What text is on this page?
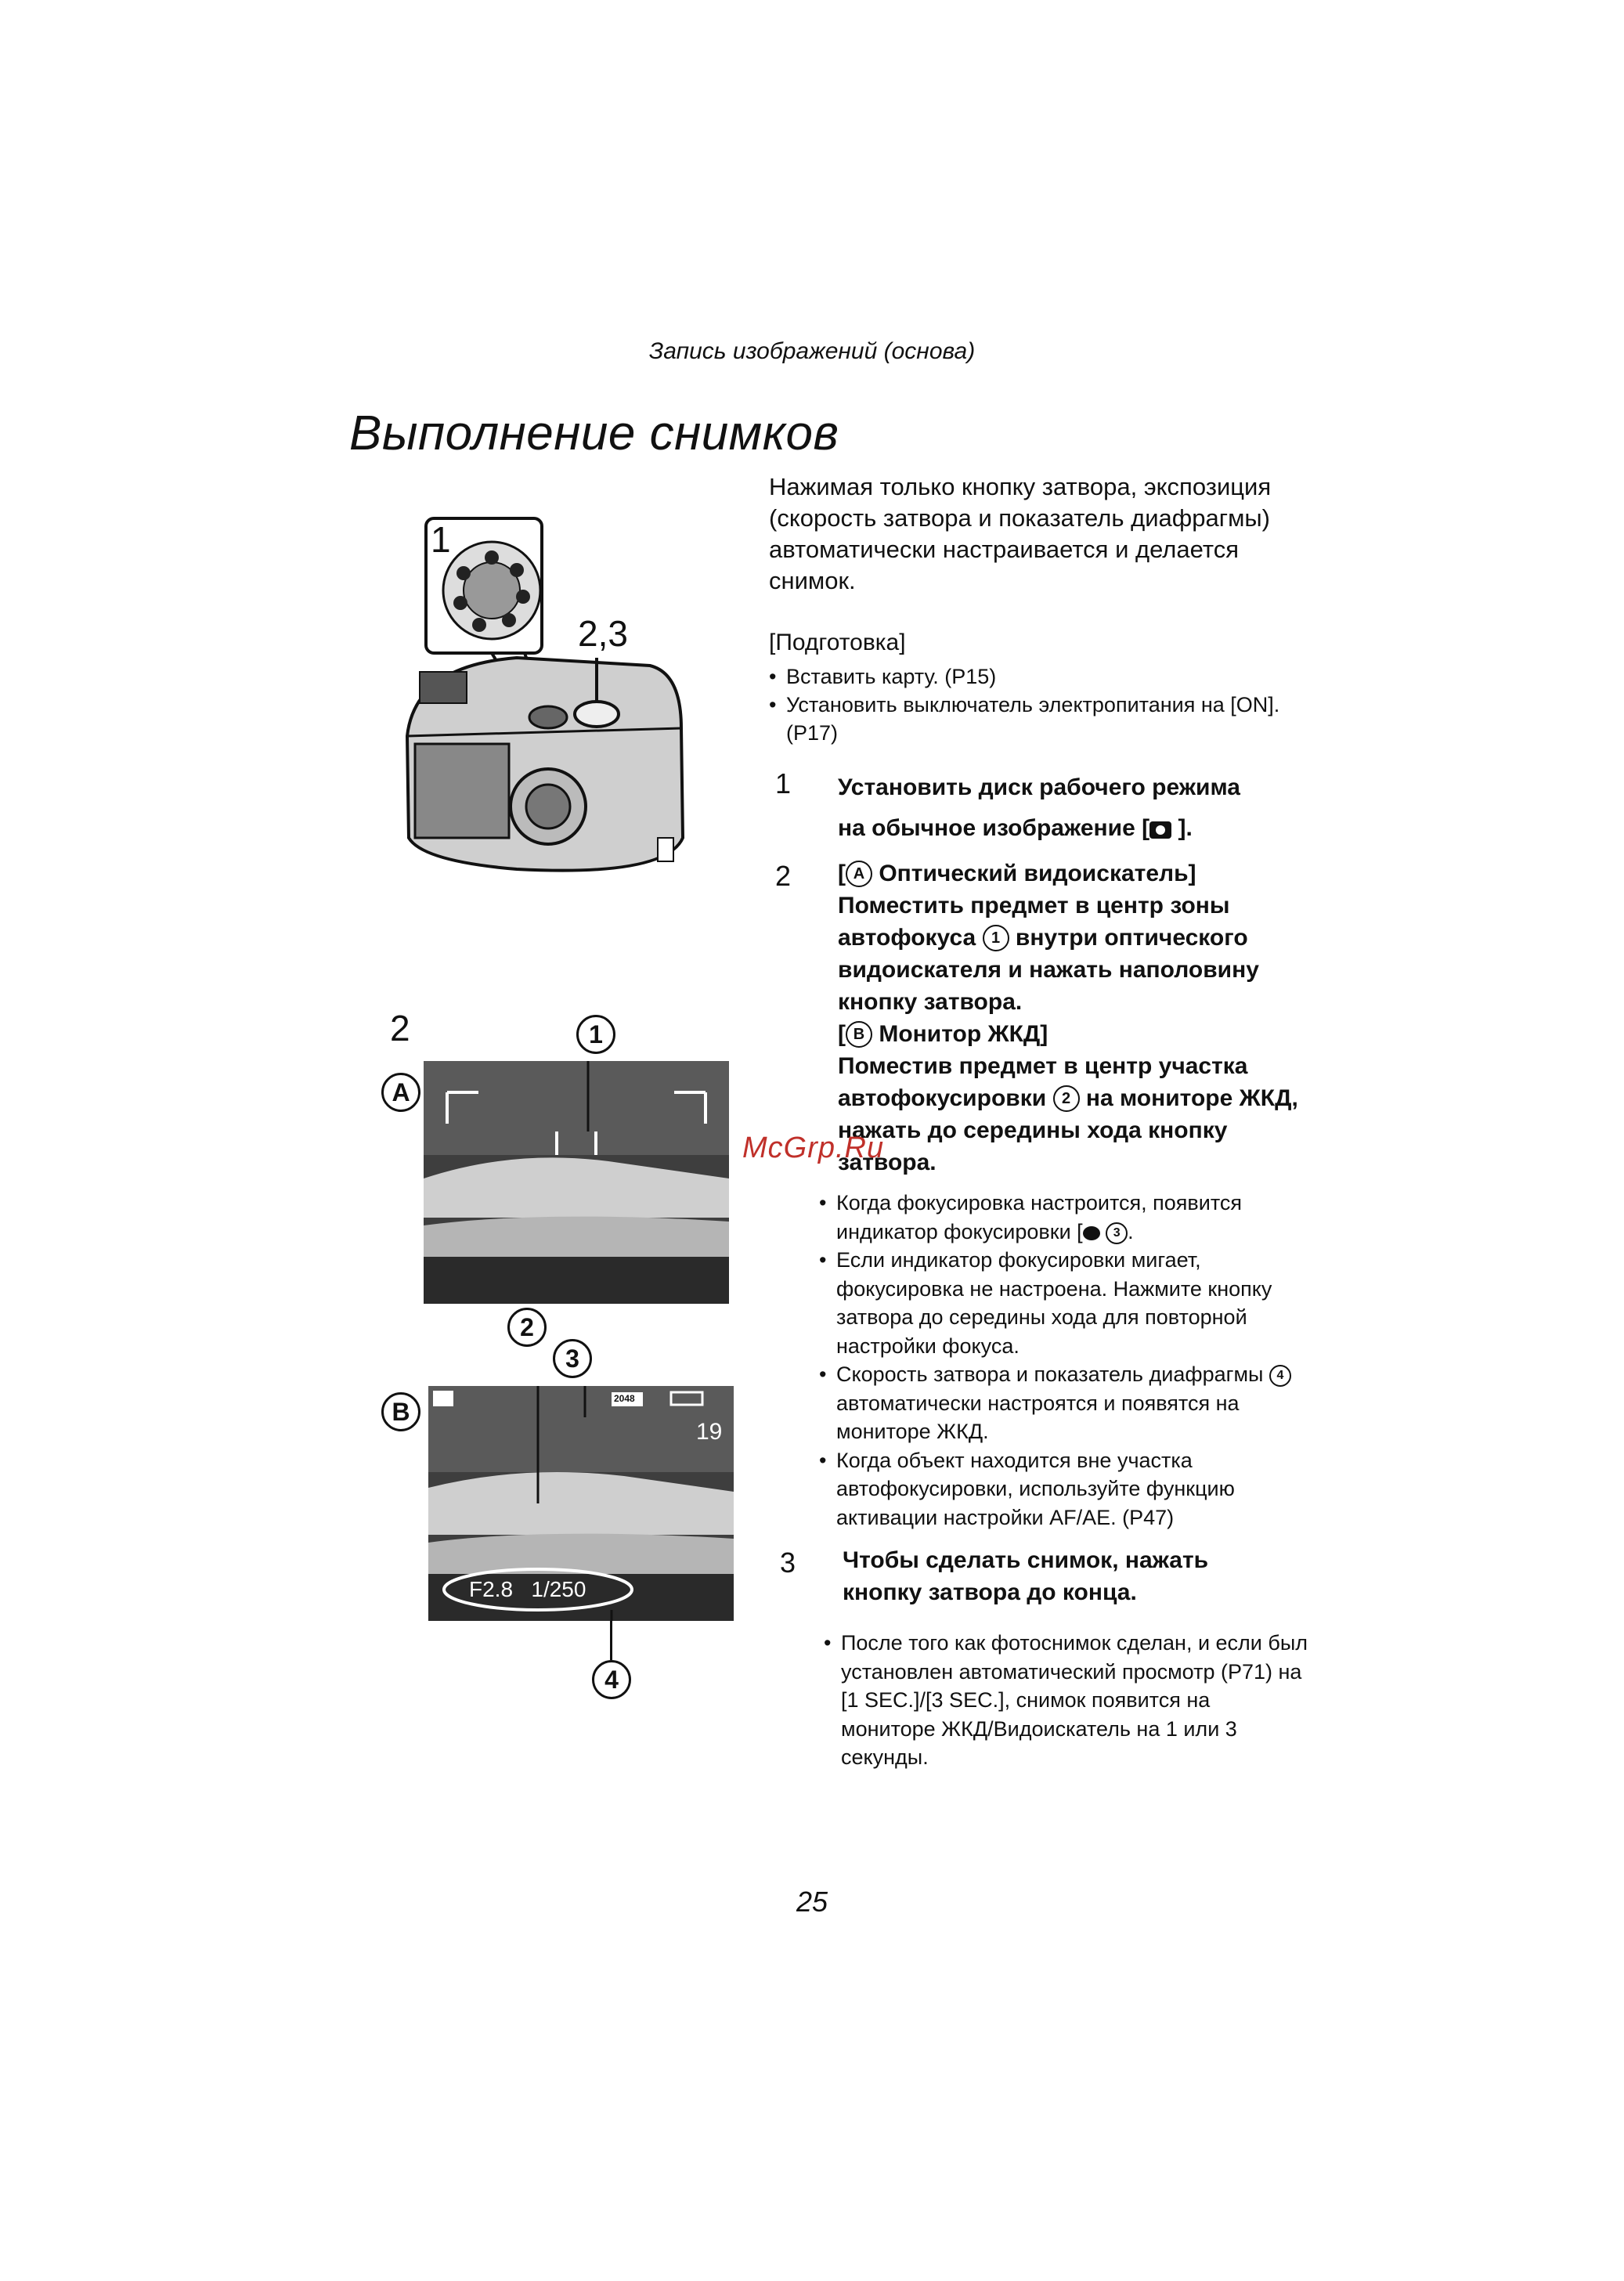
Запись изображений (основа)
Выполнение снимков
Нажимая только кнопку затвора, экспозиция (скорость затвора и показатель диафрагмы) автоматически настраивается и делается снимок.
[Подготовка]
• Вставить карту. (P15)
• Установить выключатель электропитания на [ON]. (P17)
1 Установить диск рабочего режима
на обычное изображение [ ].
2 [ A Оптический видоискатель]
Поместить предмет в центр зоны автофокуса 1 внутри оптического видоискателя и нажать наполовину кнопку затвора.
[ B Монитор ЖКД]
Поместив предмет в центр участка автофокусировки 2 на мониторе ЖКД, нажать до середины хода кнопку затвора.
• Когда фокусировка настроится, появится индикатор фокусировки [ 3 .
• Если индикатор фокусировки мигает, фокусировка не настроена. Нажмите кнопку затвора до середины хода для повторной настройки фокуса.
• Скорость затвора и показатель диафрагмы 4 автоматически настроятся и появятся на мониторе ЖКД.
• Когда объект находится вне участка автофокусировки, используйте функцию активации настройки AF/AE. (P47)
3 Чтобы сделать снимок, нажать кнопку затвора до конца.
• После того как фотоснимок сделан, и если был установлен автоматический просмотр (P71) на [1 SEC.]/[3 SEC.], снимок появится на мониторе ЖКД/Видоискатель на 1 или 3 секунды.
1
2,3
2
A
1
2
3
B	2048
19
F2.8   1/250
4
McGrp.Ru
25
